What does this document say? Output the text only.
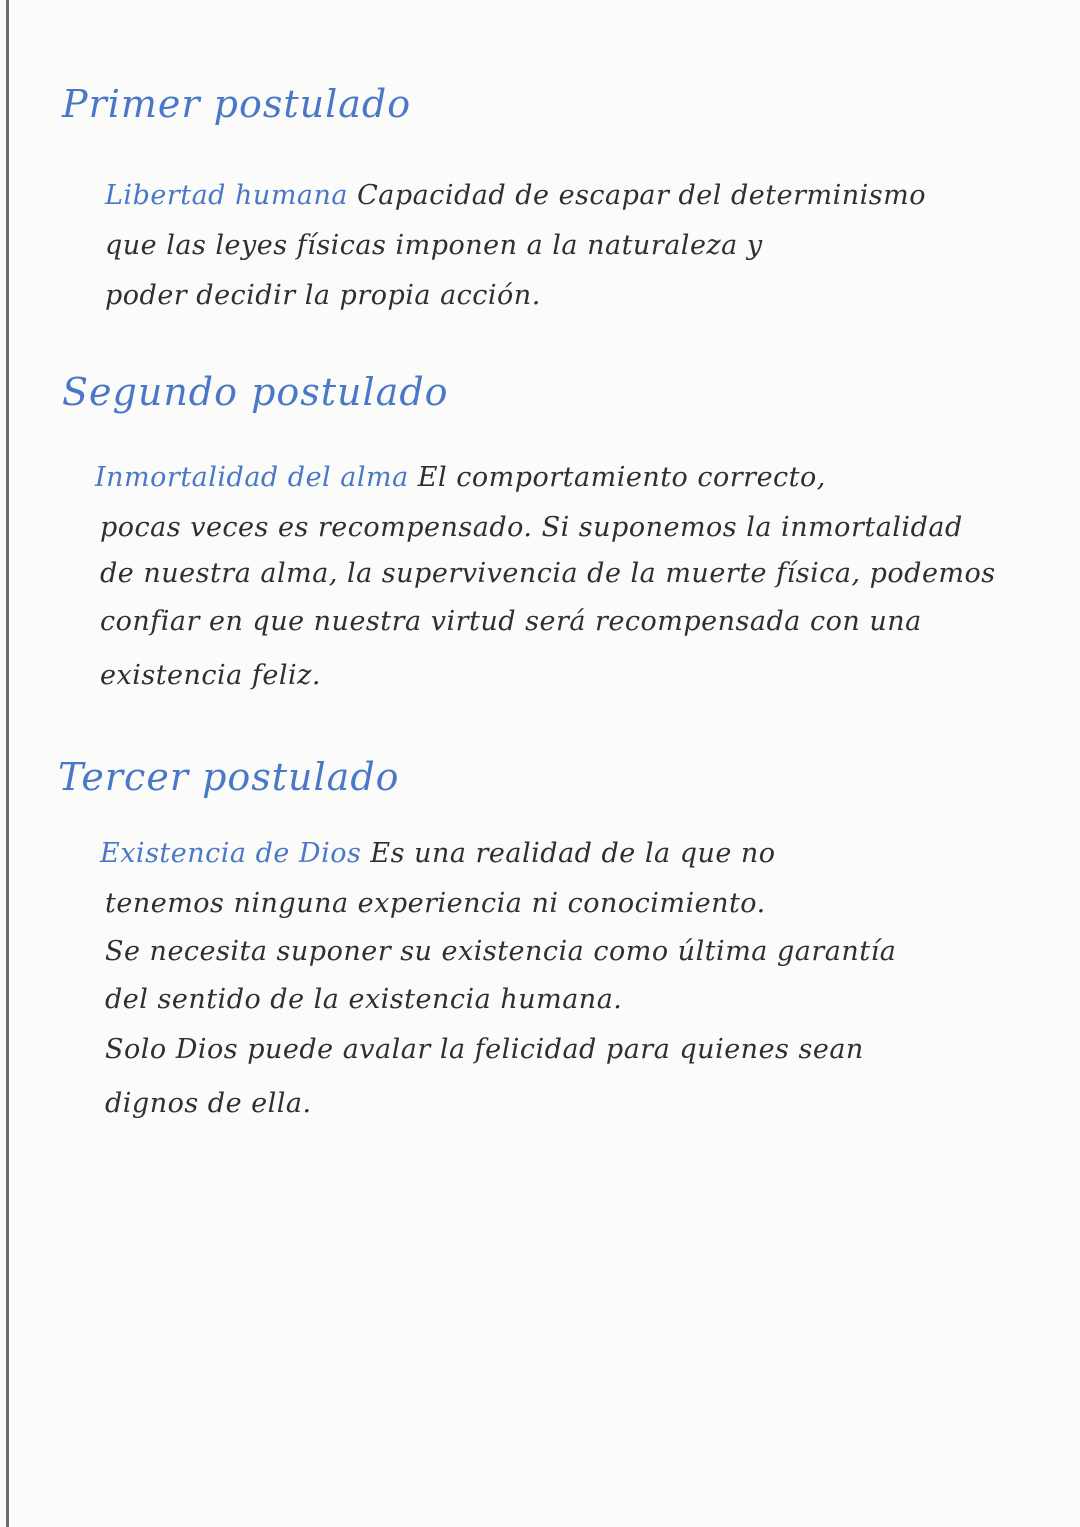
Primer postulado
Libertad humana Capacidad de escapar del determinismo
que las leyes físicas imponen a la naturaleza y
poder decidir la propia acción.
Segundo postulado
Inmortalidad del alma El comportamiento correcto,
pocas veces es recompensado. Si suponemos la inmortalidad
de nuestra alma, la supervivencia de la muerte física, podemos
confiar en que nuestra virtud será recompensada con una
existencia feliz.
Tercer postulado
Existencia de Dios Es una realidad de la que no
tenemos ninguna experiencia ni conocimiento.
Se necesita suponer su existencia como última garantía
del sentido de la existencia humana.
Solo Dios puede avalar la felicidad para quienes sean
dignos de ella.
